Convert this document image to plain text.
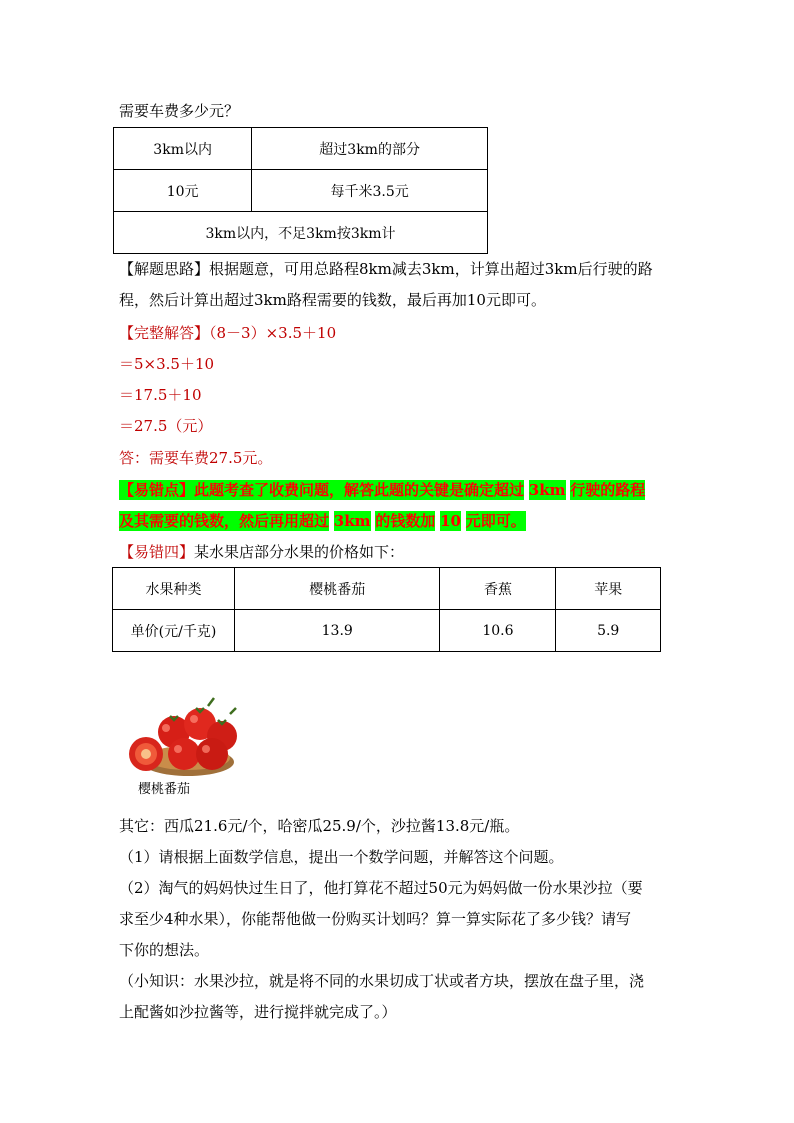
需要车费多少元？
3km以内	超过3km的部分
10元	每千米3.5元
3km以内，不足3km按3km计	
【解题思路】根据题意，可用总路程8km减去3km，计算出超过3km后行驶的路
程，然后计算出超过3km路程需要的钱数，最后再加10元即可。
【完整解答】（8－3）×3.5＋10
＝5×3.5＋10
＝17.5＋10
＝27.5（元）
答：需要车费27.5元。
【易错点】此题考查了收费问题，解答此题的关键是确定超过 3km 行驶的路程
及其需要的钱数，然后再用超过 3km 的钱数加 10 元即可。
【易错四】某水果店部分水果的价格如下：
水果种类	樱桃番茄	香蕉	苹果
单价(元/千克)	13.9	10.6	5.9
樱桃番茄
其它：西瓜21.6元/个，哈密瓜25.9/个，沙拉酱13.8元/瓶。
（1）请根据上面数学信息，提出一个数学问题，并解答这个问题。
（2）淘气的妈妈快过生日了，他打算花不超过50元为妈妈做一份水果沙拉（要
求至少4种水果），你能帮他做一份购买计划吗？算一算实际花了多少钱？请写
下你的想法。
（小知识：水果沙拉，就是将不同的水果切成丁状或者方块，摆放在盘子里，浇
上配酱如沙拉酱等，进行搅拌就完成了。）
